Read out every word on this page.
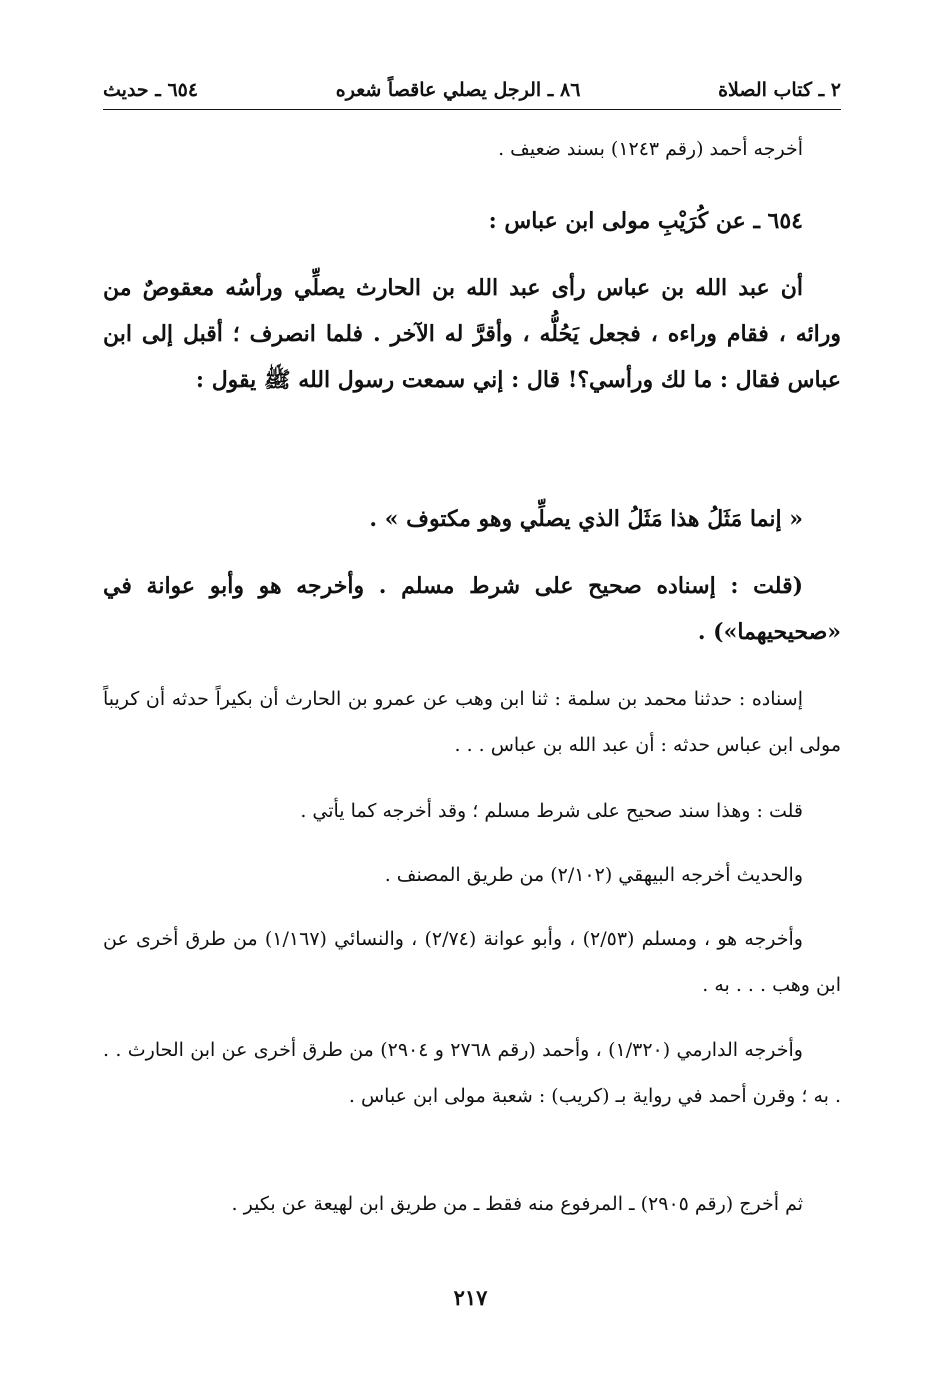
٢ ـ كتاب الصلاة
٨٦ ـ الرجل يصلي عاقصاً شعره
٦٥٤ ـ حديث

أخرجه أحمد (رقم ١٢٤٣) بسند ضعيف .

٦٥٤ ـ عن كُرَيْبِ مولى ابن عباس :

أن عبد الله بن عباس رأى عبد الله بن الحارث يصلِّي ورأسُه معقوصٌ من ورائه ، فقام وراءه ، فجعل يَحُلُّه ، وأقرَّ له الآخر . فلما انصرف ؛ أقبل إلى ابن عباس فقال : ما لك ورأسي؟! قال : إني سمعت رسول الله ﷺ يقول :

« إنما مَثَلُ هذا مَثَلُ الذي يصلِّي وهو مكتوف » .

(قلت : إسناده صحيح على شرط مسلم . وأخرجه هو وأبو عوانة في «صحيحيهما») .

إسناده : حدثنا محمد بن سلمة : ثنا ابن وهب عن عمرو بن الحارث أن بكيراً حدثه أن كريباً مولى ابن عباس حدثه : أن عبد الله بن عباس . . .

قلت : وهذا سند صحيح على شرط مسلم ؛ وقد أخرجه كما يأتي .

والحديث أخرجه البيهقي (٢/١٠٢) من طريق المصنف .

وأخرجه هو ، ومسلم (٢/٥٣) ، وأبو عوانة (٢/٧٤) ، والنسائي (١/١٦٧) من طرق أخرى عن ابن وهب . . . به .

وأخرجه الدارمي (١/٣٢٠) ، وأحمد (رقم ٢٧٦٨ و ٢٩٠٤) من طرق أخرى عن ابن الحارث . . . به ؛ وقرن أحمد في رواية بـ (كريب) : شعبة مولى ابن عباس .

ثم أخرج (رقم ٢٩٠٥) ـ المرفوع منه فقط ـ من طريق ابن لهيعة عن بكير .

٢١٧
